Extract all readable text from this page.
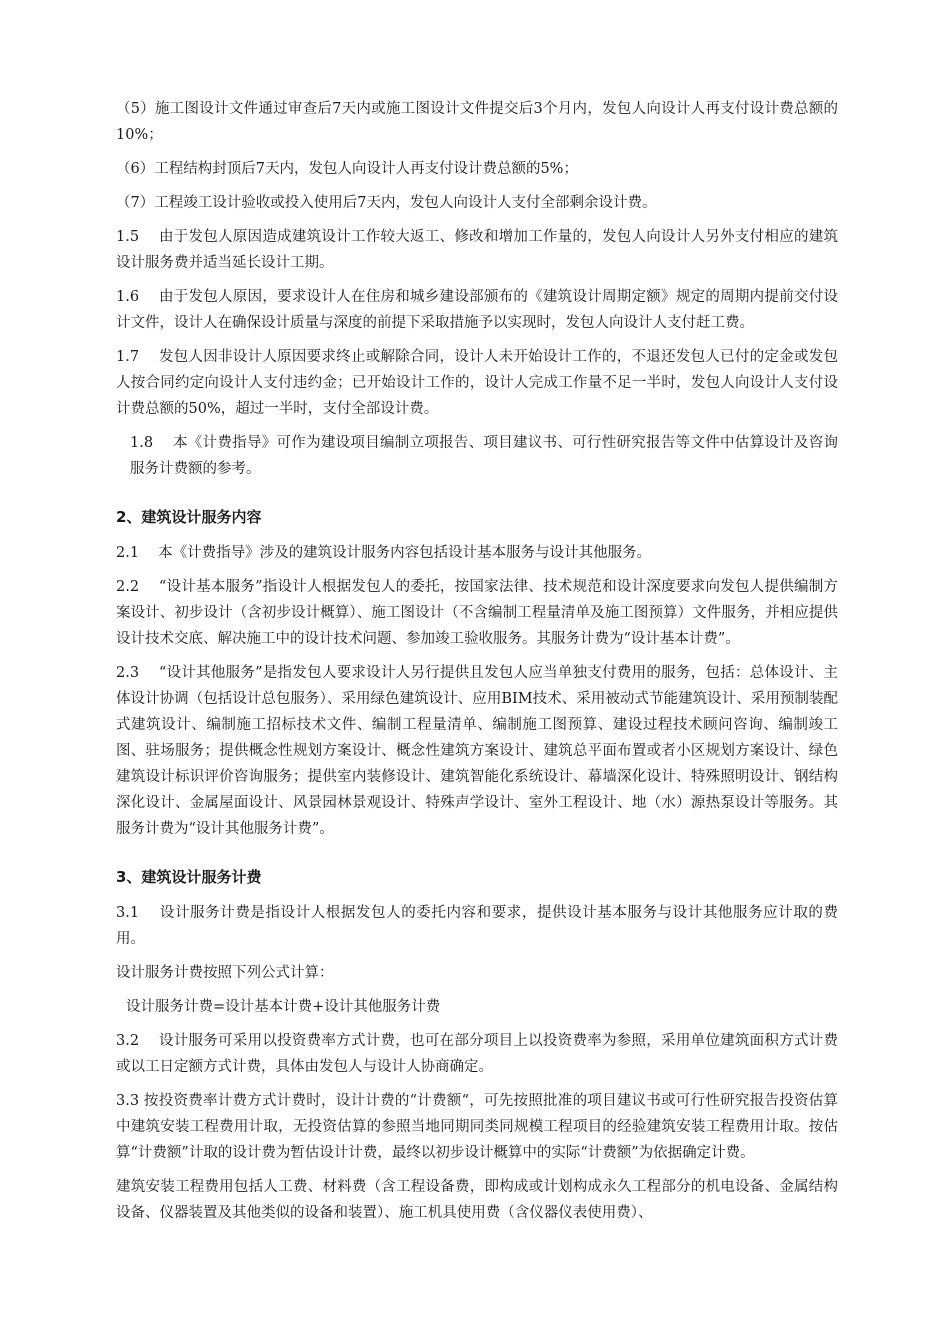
（5）施工图设计文件通过审查后7天内或施工图设计文件提交后3个月内，发包人向设计人再支付设计费总额的10%；

（6）工程结构封顶后7天内，发包人向设计人再支付设计费总额的5%；

（7）工程竣工设计验收或投入使用后7天内，发包人向设计人支付全部剩余设计费。

1.5　 由于发包人原因造成建筑设计工作较大返工、修改和增加工作量的，发包人向设计人另外支付相应的建筑设计服务费并适当延长设计工期。

1.6　 由于发包人原因，要求设计人在住房和城乡建设部颁布的《建筑设计周期定额》规定的周期内提前交付设计文件，设计人在确保设计质量与深度的前提下采取措施予以实现时，发包人向设计人支付赶工费。

1.7　 发包人因非设计人原因要求终止或解除合同，设计人未开始设计工作的，不退还发包人已付的定金或发包人按合同约定向设计人支付违约金；已开始设计工作的，设计人完成工作量不足一半时，发包人向设计人支付设计费总额的50%，超过一半时，支付全部设计费。

1.8　 本《计费指导》可作为建设项目编制立项报告、项目建议书、可行性研究报告等文件中估算设计及咨询服务计费额的参考。

2、建筑设计服务内容

2.1　 本《计费指导》涉及的建筑设计服务内容包括设计基本服务与设计其他服务。

2.2　 “设计基本服务”指设计人根据发包人的委托，按国家法律、技术规范和设计深度要求向发包人提供编制方案设计、初步设计（含初步设计概算）、施工图设计（不含编制工程量清单及施工图预算）文件服务，并相应提供设计技术交底、解决施工中的设计技术问题、参加竣工验收服务。其服务计费为“设计基本计费”。

2.3　 “设计其他服务”是指发包人要求设计人另行提供且发包人应当单独支付费用的服务，包括：总体设计、主体设计协调（包括设计总包服务）、采用绿色建筑设计、应用BIM技术、采用被动式节能建筑设计、采用预制装配式建筑设计、编制施工招标技术文件、编制工程量清单、编制施工图预算、建设过程技术顾问咨询、编制竣工图、驻场服务；提供概念性规划方案设计、概念性建筑方案设计、建筑总平面布置或者小区规划方案设计、绿色建筑设计标识评价咨询服务；提供室内装修设计、建筑智能化系统设计、幕墙深化设计、特殊照明设计、钢结构深化设计、金属屋面设计、风景园林景观设计、特殊声学设计、室外工程设计、地（水）源热泵设计等服务。其服务计费为“设计其他服务计费”。

3、建筑设计服务计费

3.1　 设计服务计费是指设计人根据发包人的委托内容和要求，提供设计基本服务与设计其他服务应计取的费用。

设计服务计费按照下列公式计算：

设计服务计费=设计基本计费+设计其他服务计费

3.2　 设计服务可采用以投资费率方式计费，也可在部分项目上以投资费率为参照，采用单位建筑面积方式计费或以工日定额方式计费，具体由发包人与设计人协商确定。

3.3 按投资费率计费方式计费时，设计计费的“计费额“，可先按照批准的项目建议书或可行性研究报告投资估算中建筑安装工程费用计取，无投资估算的参照当地同期同类同规模工程项目的经验建筑安装工程费用计取。按估算“计费额”计取的设计费为暂估设计计费，最终以初步设计概算中的实际“计费额”为依据确定计费。

建筑安装工程费用包括人工费、材料费（含工程设备费，即构成或计划构成永久工程部分的机电设备、金属结构设备、仪器装置及其他类似的设备和装置）、施工机具使用费（含仪器仪表使用费）、
